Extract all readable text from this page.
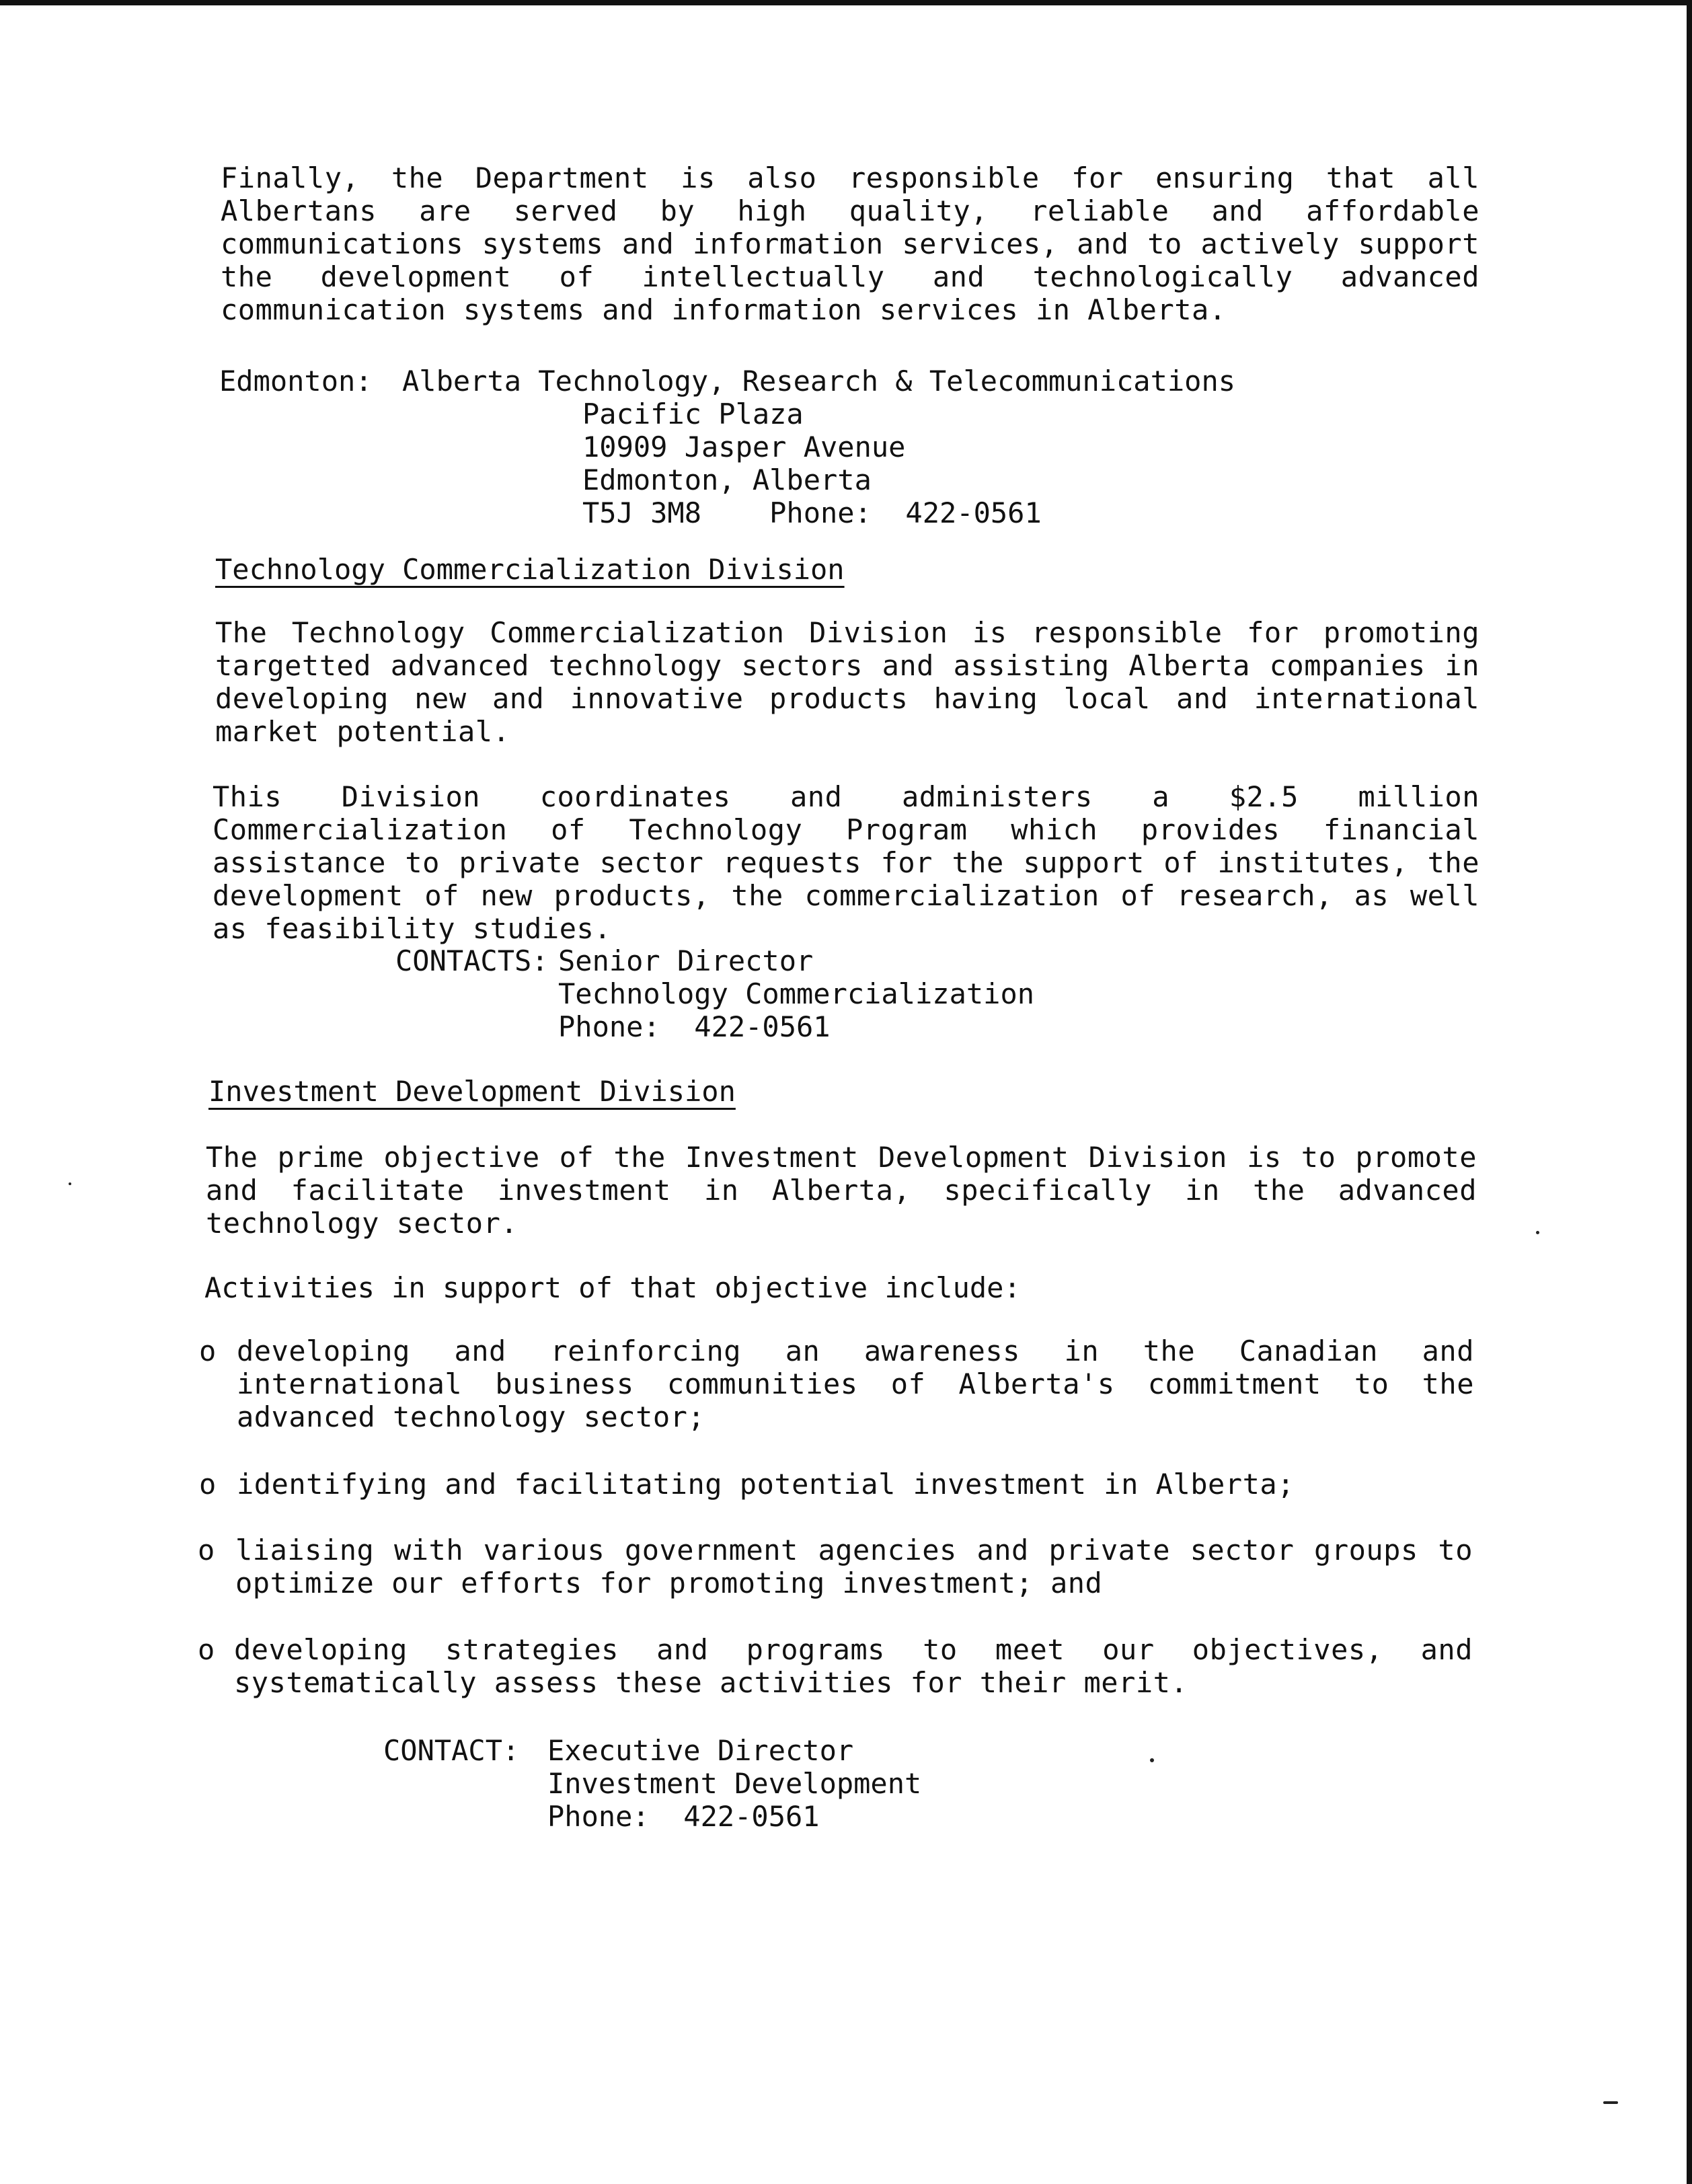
Finally, the Department is also responsible for ensuring that all Albertans are served by high quality, reliable and affordable communications systems and information services, and to actively support the development of intellectually and technologically advanced communication systems and information services in Alberta.

Edmonton: Alberta Technology, Research & Telecommunications
Pacific Plaza
10909 Jasper Avenue
Edmonton, Alberta
T5J 3M8    Phone:  422-0561
Technology Commercialization Division

The Technology Commercialization Division is responsible for promoting targetted advanced technology sectors and assisting Alberta companies in developing new and innovative products having local and international market potential.

This Division coordinates and administers a $2.5 million Commercialization of Technology Program which provides financial assistance to private sector requests for the support of institutes, the development of new products, the commercialization of research, as well as feasibility studies.

CONTACTS: Senior Director
Technology Commercialization
Phone:  422-0561
Investment Development Division

The prime objective of the Investment Development Division is to promote and facilitate investment in Alberta, specifically in the advanced technology sector.

Activities in support of that objective include:
o developing and reinforcing an awareness in the Canadian and international business communities of Alberta's commitment to the advanced technology sector;

o identifying and facilitating potential investment in Alberta;

o liaising with various government agencies and private sector groups to optimize our efforts for promoting investment; and

o developing strategies and programs to meet our objectives, and systematically assess these activities for their merit.

CONTACT: Executive Director
Investment Development
Phone:  422-0561
